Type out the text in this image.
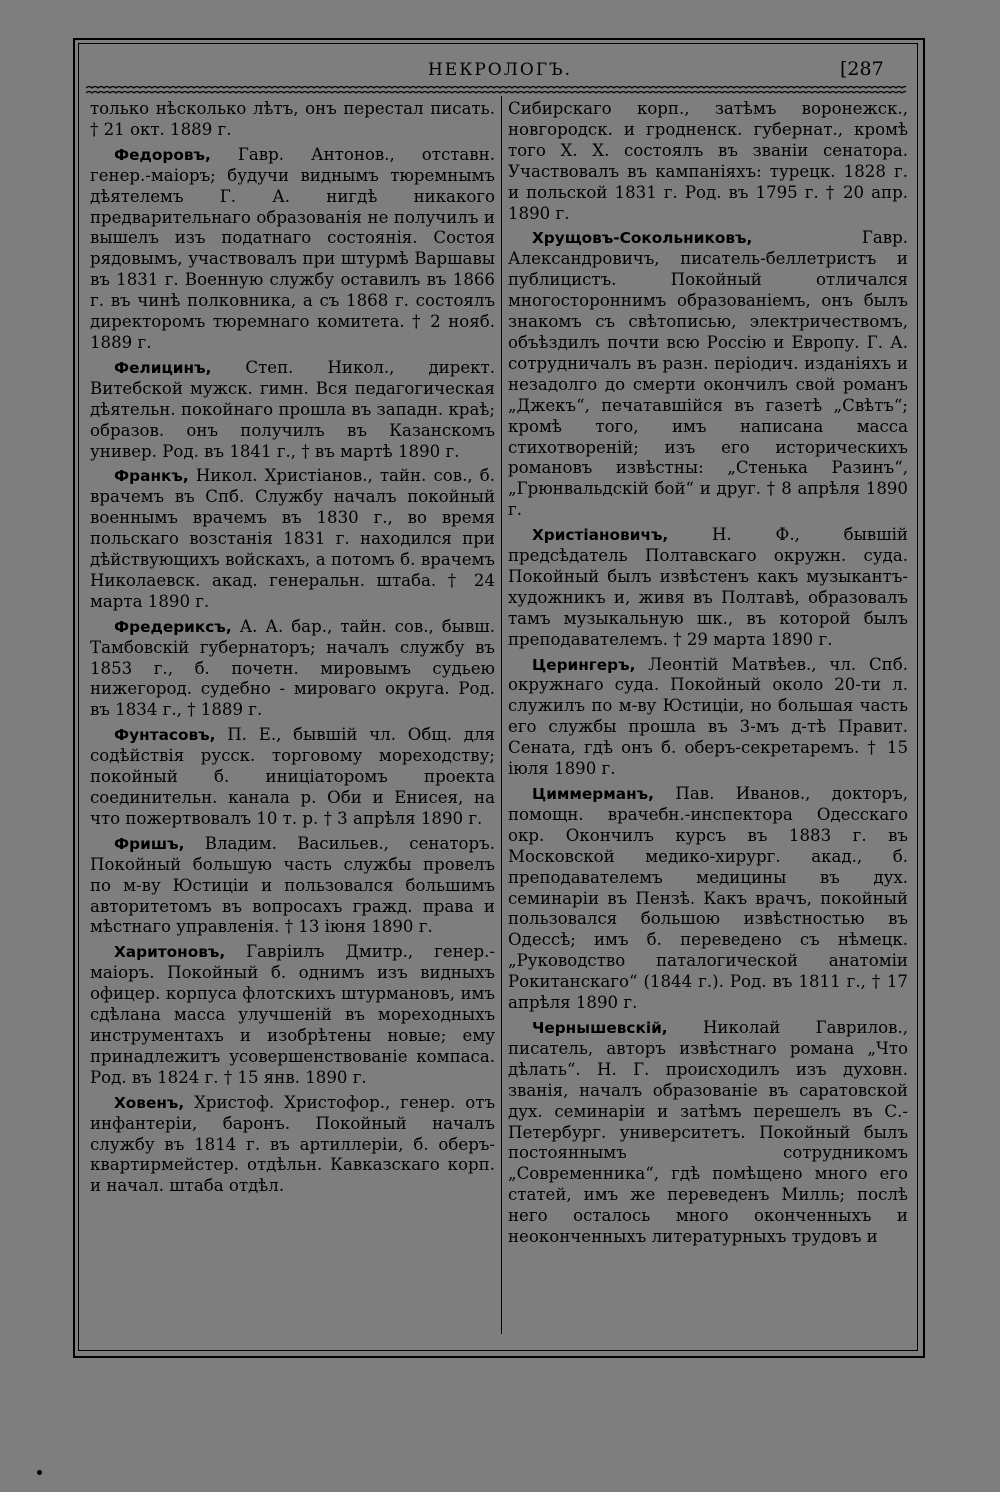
НЕКРОЛОГЪ.	[287

только нѣсколько лѣтъ, онъ перестал писать. † 21 окт. 1889 г.

Федоровъ, Гавр. Антонов., отставн. генер.-маіоръ; будучи виднымъ тюремнымъ дѣятелемъ Г. А. нигдѣ никакого предварительнаго образованія не получилъ и вышелъ изъ податнаго состоянія. Состоя рядовымъ, участвовалъ при штурмѣ Варшавы въ 1831 г. Военную службу оставилъ въ 1866 г. въ чинѣ полковника, а съ 1868 г. состоялъ директоромъ тюремнаго комитета. † 2 нояб. 1889 г.

Фелицинъ, Степ. Никол., директ. Витебской мужск. гимн. Вся педагогическая дѣятельн. покойнаго прошла въ западн. краѣ; образов. онъ получилъ въ Казанскомъ универ. Род. въ 1841 г., † въ мартѣ 1890 г.

Франкъ, Никол. Христіанов., тайн. сов., б. врачемъ въ Спб. Службу началъ покойный военнымъ врачемъ въ 1830 г., во время польскаго возстанія 1831 г. находился при дѣйствующихъ войскахъ, а потомъ б. врачемъ Николаевск. акад. генеральн. штаба. † 24 марта 1890 г.

Фредериксъ, А. А. бар., тайн. сов., бывш. Тамбовскій губернаторъ; началъ службу въ 1853 г., б. почетн. мировымъ судьею нижегород. судебно - мироваго округа. Род. въ 1834 г., † 1889 г.

Фунтасовъ, П. Е., бывшій чл. Общ. для содѣйствія русск. торговому мореходству; покойный б. иниціаторомъ проекта соединительн. канала р. Оби и Енисея, на что пожертвовалъ 10 т. р. † 3 апрѣля 1890 г.

Фришъ, Владим. Васильев., сенаторъ. Покойный большую часть службы провелъ по м-ву Юстиціи и пользовался большимъ авторитетомъ въ вопросахъ гражд. права и мѣстнаго управленія. † 13 іюня 1890 г.

Харитоновъ, Гавріилъ Дмитр., генер.-маіоръ. Покойный б. однимъ изъ видныхъ офицер. корпуса флотскихъ штурмановъ, имъ сдѣлана масса улучшеній въ мореходныхъ инструментахъ и изобрѣтены новые; ему принадлежитъ усовершенствованіе компаса. Род. въ 1824 г. † 15 янв. 1890 г.

Ховенъ, Христоф. Христофор., генер. отъ инфантеріи, баронъ. Покойный началъ службу въ 1814 г. въ артиллеріи, б. оберъ-квартирмейстер. отдѣльн. Кавказскаго корп. и начал. штаба отдѣл.

Сибирскаго корп., затѣмъ воронежск., новгородск. и гродненск. губернат., кромѣ того Х. Х. состоялъ въ званіи сенатора. Участвовалъ въ кампаніяхъ: турецк. 1828 г. и польской 1831 г. Род. въ 1795 г. † 20 апр. 1890 г.

Хрущовъ-Сокольниковъ, Гавр. Александровичъ, писатель-беллетристъ и публицистъ. Покойный отличался многостороннимъ образованіемъ, онъ былъ знакомъ съ свѣтописью, электричествомъ, объѣздилъ почти всю Россію и Европу. Г. А. сотрудничалъ въ разн. періодич. изданіяхъ и незадолго до смерти окончилъ свой романъ „Джекъ“, печатавшійся въ газетѣ „Свѣтъ“; кромѣ того, имъ написана масса стихотвореній; изъ его историческихъ романовъ извѣстны: „Стенька Разинъ“, „Грюнвальдскій бой“ и друг. † 8 апрѣля 1890 г.

Христіановичъ, Н. Ф., бывшій предсѣдатель Полтавскаго окружн. суда. Покойный былъ извѣстенъ какъ музыкантъ-художникъ и, живя въ Полтавѣ, образовалъ тамъ музыкальную шк., въ которой былъ преподавателемъ. † 29 марта 1890 г.

Церингеръ, Леонтій Матвѣев., чл. Спб. окружнаго суда. Покойный около 20-ти л. служилъ по м-ву Юстиціи, но большая часть его службы прошла въ 3-мъ д-тѣ Правит. Сената, гдѣ онъ б. оберъ-секретаремъ. † 15 іюля 1890 г.

Циммерманъ, Пав. Иванов., докторъ, помощн. врачебн.-инспектора Одесскаго окр. Окончилъ курсъ въ 1883 г. въ Московской медико-хирург. акад., б. преподавателемъ медицины въ дух. семинаріи въ Пензѣ. Какъ врачъ, покойный пользовался большою извѣстностью въ Одессѣ; имъ б. переведено съ нѣмецк. „Руководство паталогической анатоміи Рокитанскаго“ (1844 г.). Род. въ 1811 г., † 17 апрѣля 1890 г.

Чернышевскій, Николай Гаврилов., писатель, авторъ извѣстнаго романа „Что дѣлать“. Н. Г. происходилъ изъ духовн. званія, началъ образованіе въ саратовской дух. семинаріи и затѣмъ перешелъ въ С.-Петербург. университетъ. Покойный былъ постояннымъ сотрудникомъ „Современника“, гдѣ помѣщено много его статей, имъ же переведенъ Милль; послѣ него осталось много оконченныхъ и неоконченныхъ литературныхъ трудовъ и
